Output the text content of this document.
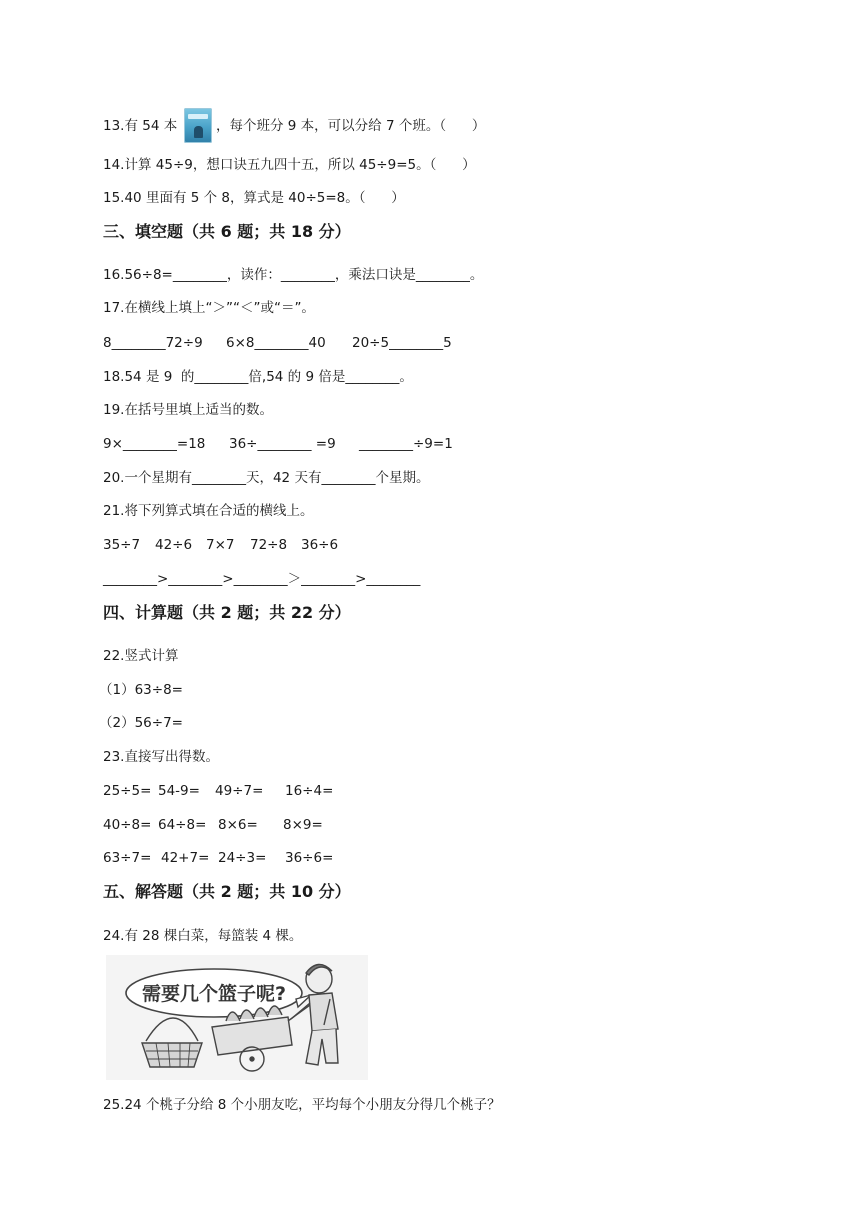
13.有 54 本	，每个班分 9 本，可以分给 7 个班。（      ）
14.计算 45÷9，想口诀五九四十五，所以 45÷9=5。（      ）
15.40 里面有 5 个 8，算式是 40÷5=8。（      ）
三、填空题（共 6 题；共 18 分）
16.56÷8=________，读作：________，乘法口诀是________。
17.在横线上填上“＞”“＜”或“＝”。

8________72÷9

6×8________40

20÷5________5

18.54 是 9  的________倍,54 的 9 倍是________。
19.在括号里填上适当的数。

9×________=18

36÷________ =9

________÷9=1

20.一个星期有________天，42 天有________个星期。
21.将下列算式填在合适的横线上。

35÷7

42÷6

7×7

72÷8

36÷6

________>________>________＞________>________
四、计算题（共 2 题；共 22 分）
22.竖式计算
（1）63÷8=
（2）56÷7=
23.直接写出得数。

25÷5=

54-9=

49÷7=

16÷4=

40÷8=

64÷8=

8×6=

8×9=

63÷7=

42+7=

24÷3=

36÷6=

五、解答题（共 2 题；共 10 分）
24.有 28 棵白菜，每篮装 4 棵。
需要几个篮子呢?
25.24 个桃子分给 8 个小朋友吃，平均每个小朋友分得几个桃子？
